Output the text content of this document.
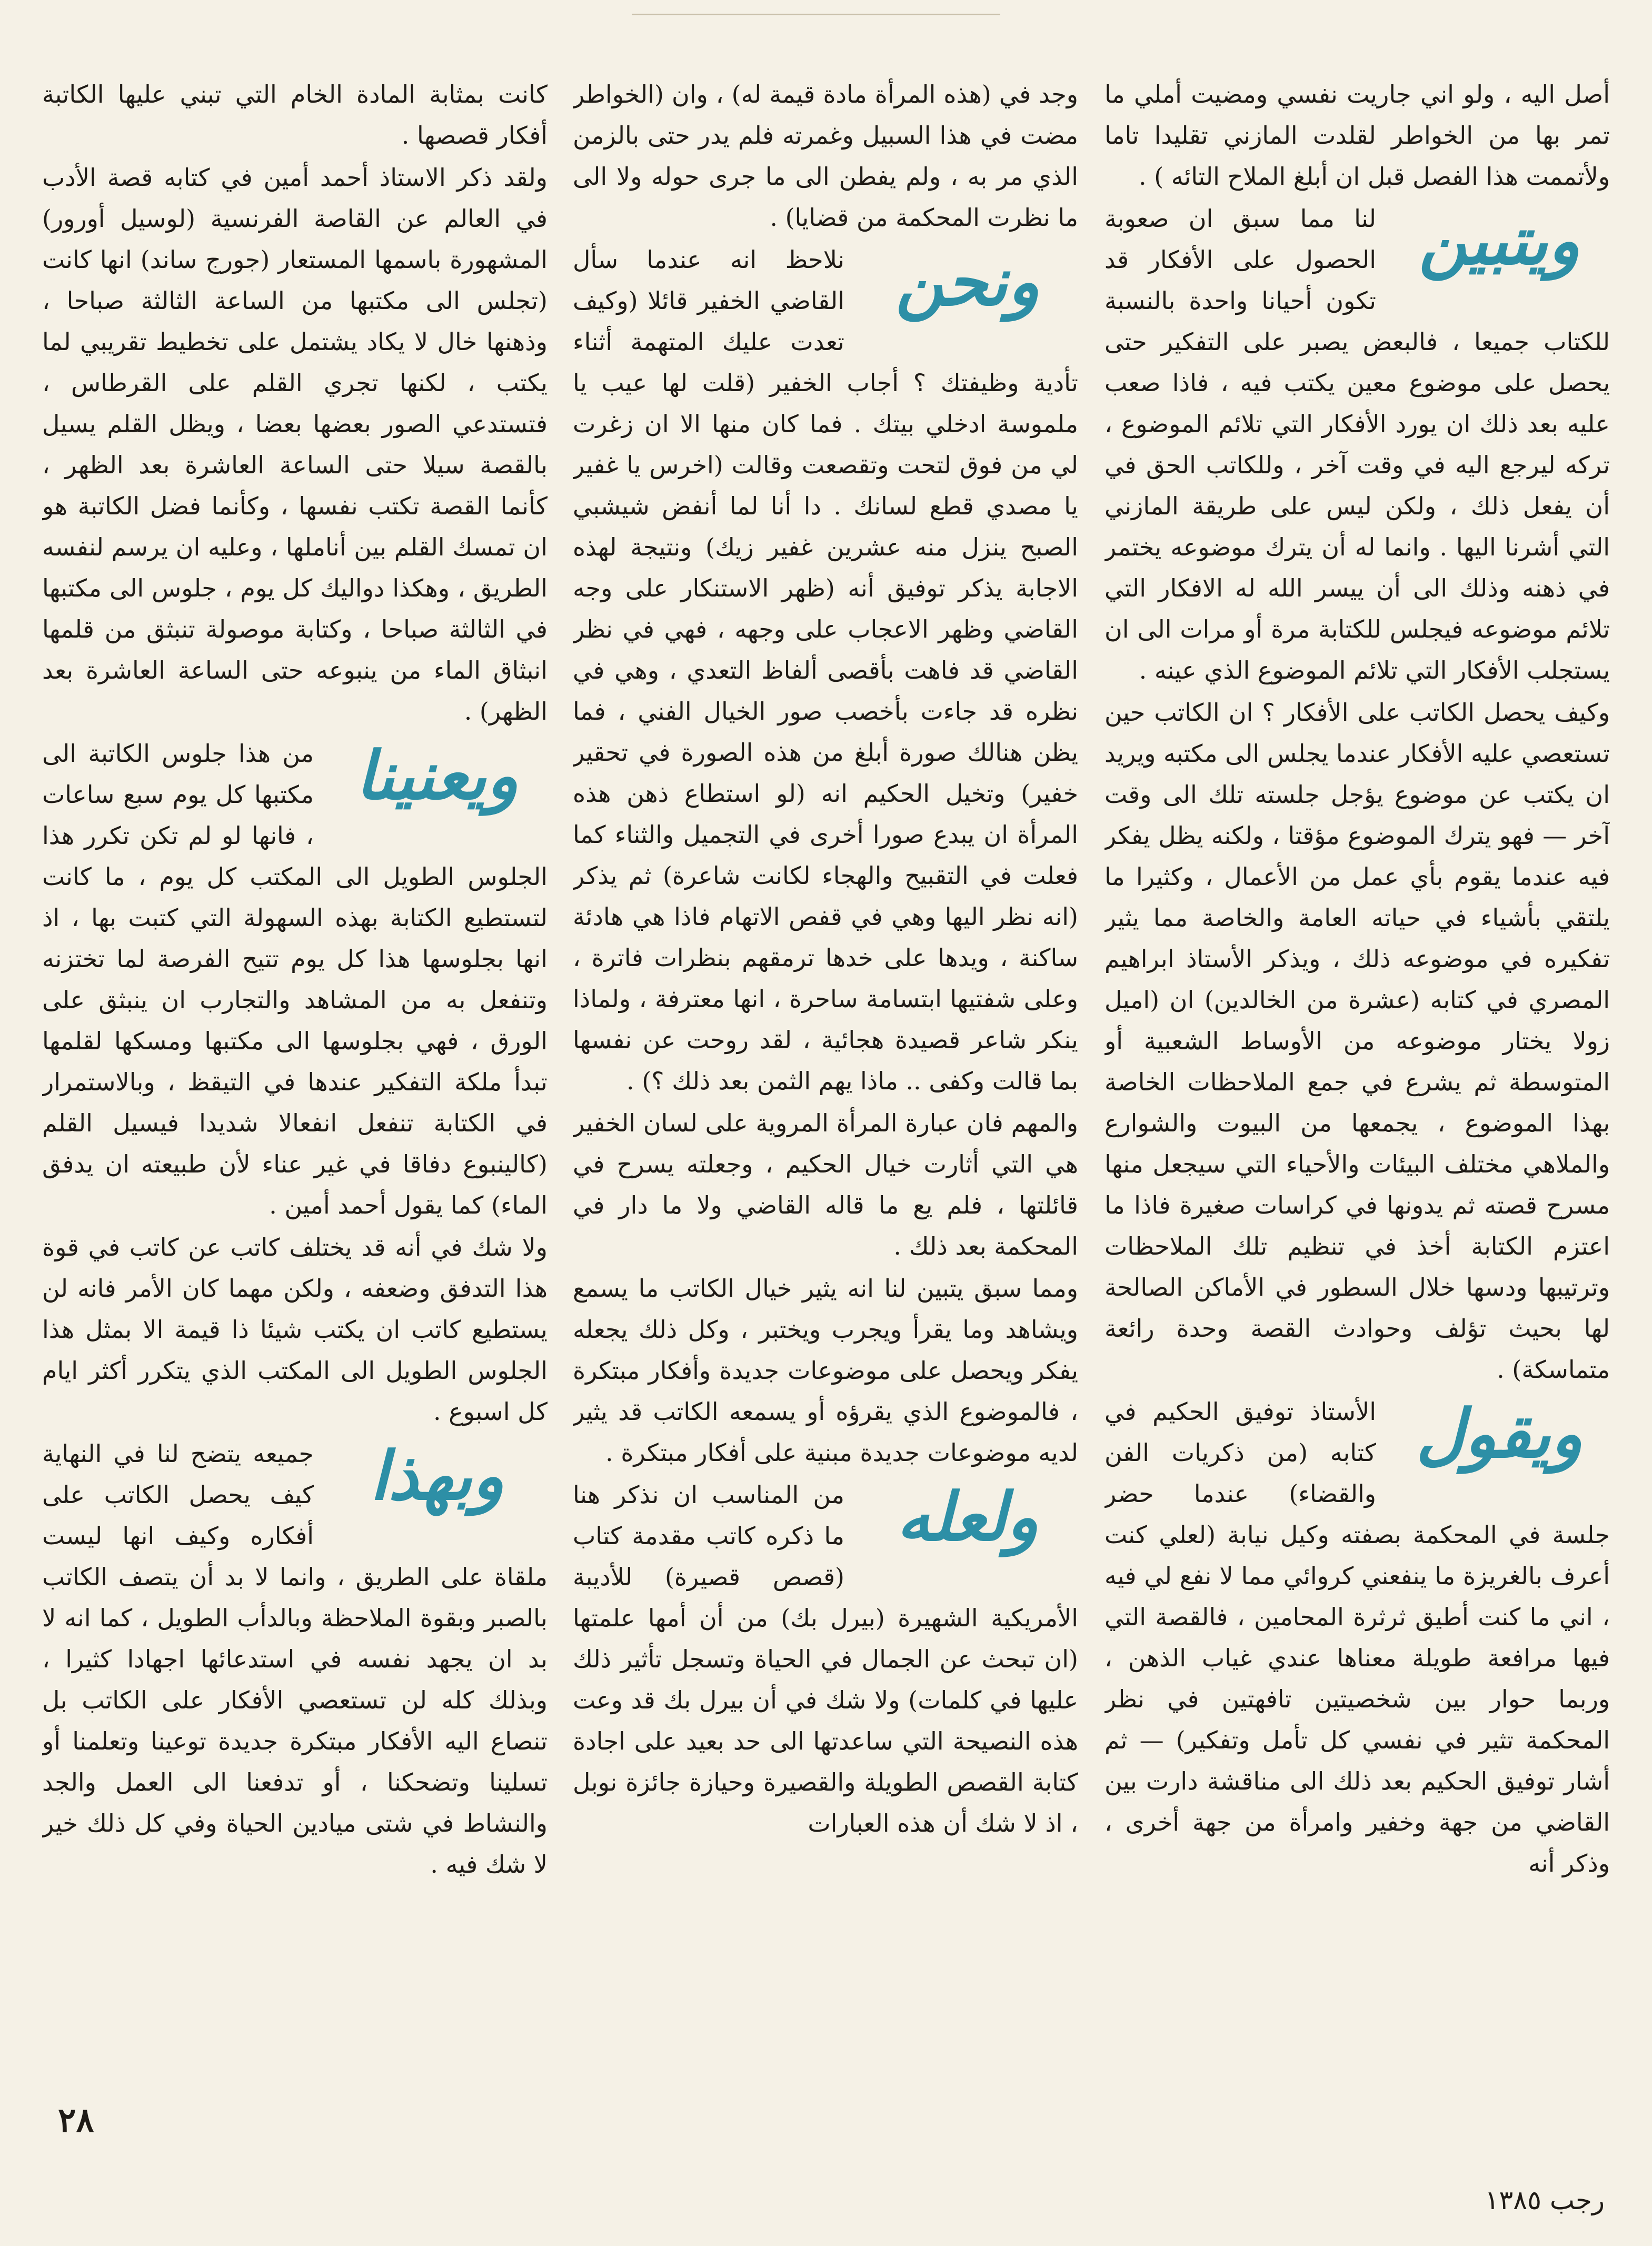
أصل اليه ، ولو اني جاريت نفسي ومضيت أملي ما تمر بها من الخواطر لقلدت المازني تقليدا تاما ولأتممت هذا الفصل قبل ان أبلغ الملاح التائه ) .

ويتبين

لنا مما سبق ان صعوبة الحصول على الأفكار قد تكون أحيانا واحدة بالنسبة للكتاب جميعا ، فالبعض يصبر على التفكير حتى يحصل على موضوع معين يكتب فيه ، فاذا صعب عليه بعد ذلك ان يورد الأفكار التي تلائم الموضوع ، تركه ليرجع اليه في وقت آخر ، وللكاتب الحق في أن يفعل ذلك ، ولكن ليس على طريقة المازني التي أشرنا اليها . وانما له أن يترك موضوعه يختمر في ذهنه وذلك الى أن ييسر الله له الافكار التي تلائم موضوعه فيجلس للكتابة مرة أو مرات الى ان يستجلب الأفكار التي تلائم الموضوع الذي عينه .

وكيف يحصل الكاتب على الأفكار ؟ ان الكاتب حين تستعصي عليه الأفكار عندما يجلس الى مكتبه ويريد ان يكتب عن موضوع يؤجل جلسته تلك الى وقت آخر — فهو يترك الموضوع مؤقتا ، ولكنه يظل يفكر فيه عندما يقوم بأي عمل من الأعمال ، وكثيرا ما يلتقي بأشياء في حياته العامة والخاصة مما يثير تفكيره في موضوعه ذلك ، ويذكر الأستاذ ابراهيم المصري في كتابه (عشرة من الخالدين) ان (اميل زولا يختار موضوعه من الأوساط الشعبية أو المتوسطة ثم يشرع في جمع الملاحظات الخاصة بهذا الموضوع ، يجمعها من البيوت والشوارع والملاهي مختلف البيئات والأحياء التي سيجعل منها مسرح قصته ثم يدونها في كراسات صغيرة فاذا ما اعتزم الكتابة أخذ في تنظيم تلك الملاحظات وترتيبها ودسها خلال السطور في الأماكن الصالحة لها بحيث تؤلف وحوادث القصة وحدة رائعة متماسكة) .

ويقول

الأستاذ توفيق الحكيم في كتابه (من ذكريات الفن والقضاء) عندما حضر جلسة في المحكمة بصفته وكيل نيابة (لعلي كنت أعرف بالغريزة ما ينفعني كروائي مما لا نفع لي فيه ، اني ما كنت أطيق ثرثرة المحامين ، فالقصة التي فيها مرافعة طويلة معناها عندي غياب الذهن ، وربما حوار بين شخصيتين تافهتين في نظر المحكمة تثير في نفسي كل تأمل وتفكير) — ثم أشار توفيق الحكيم بعد ذلك الى مناقشة دارت بين القاضي من جهة وخفير وامرأة من جهة أخرى ، وذكر أنه

وجد في (هذه المرأة مادة قيمة له) ، وان (الخواطر مضت في هذا السبيل وغمرته فلم يدر حتى بالزمن الذي مر به ، ولم يفطن الى ما جرى حوله ولا الى ما نظرت المحكمة من قضايا) .

ونحن

نلاحظ انه عندما سأل القاضي الخفير قائلا (وكيف تعدت عليك المتهمة أثناء تأدية وظيفتك ؟ أجاب الخفير (قلت لها عيب يا ملموسة ادخلي بيتك . فما كان منها الا ان زغرت لي من فوق لتحت وتقصعت وقالت (اخرس يا غفير يا مصدي قطع لسانك . دا أنا لما أنفض شيشبي الصبح ينزل منه عشرين غفير زيك) ونتيجة لهذه الاجابة يذكر توفيق أنه (ظهر الاستنكار على وجه القاضي وظهر الاعجاب على وجهه ، فهي في نظر القاضي قد فاهت بأقصى ألفاظ التعدي ، وهي في نظره قد جاءت بأخصب صور الخيال الفني ، فما يظن هنالك صورة أبلغ من هذه الصورة في تحقير خفير) وتخيل الحكيم انه (لو استطاع ذهن هذه المرأة ان يبدع صورا أخرى في التجميل والثناء كما فعلت في التقبيح والهجاء لكانت شاعرة) ثم يذكر (انه نظر اليها وهي في قفص الاتهام فاذا هي هادئة ساكنة ، ويدها على خدها ترمقهم بنظرات فاترة ، وعلى شفتيها ابتسامة ساحرة ، انها معترفة ، ولماذا ينكر شاعر قصيدة هجائية ، لقد روحت عن نفسها بما قالت وكفى .. ماذا يهم الثمن بعد ذلك ؟) .

والمهم فان عبارة المرأة المروية على لسان الخفير هي التي أثارت خيال الحكيم ، وجعلته يسرح في قائلتها ، فلم يع ما قاله القاضي ولا ما دار في المحكمة بعد ذلك .

ومما سبق يتبين لنا انه يثير خيال الكاتب ما يسمع ويشاهد وما يقرأ ويجرب ويختبر ، وكل ذلك يجعله يفكر ويحصل على موضوعات جديدة وأفكار مبتكرة ، فالموضوع الذي يقرؤه أو يسمعه الكاتب قد يثير لديه موضوعات جديدة مبنية على أفكار مبتكرة .

ولعله

من المناسب ان نذكر هنا ما ذكره كاتب مقدمة كتاب (قصص قصيرة) للأديبة الأمريكية الشهيرة (بيرل بك) من أن أمها علمتها (ان تبحث عن الجمال في الحياة وتسجل تأثير ذلك عليها في كلمات) ولا شك في أن بيرل بك قد وعت هذه النصيحة التي ساعدتها الى حد بعيد على اجادة كتابة القصص الطويلة والقصيرة وحيازة جائزة نوبل ، اذ لا شك أن هذه العبارات

كانت بمثابة المادة الخام التي تبني عليها الكاتبة أفكار قصصها .

ولقد ذكر الاستاذ أحمد أمين في كتابه قصة الأدب في العالم عن القاصة الفرنسية (لوسيل أورور) المشهورة باسمها المستعار (جورج ساند) انها كانت (تجلس الى مكتبها من الساعة الثالثة صباحا ، وذهنها خال لا يكاد يشتمل على تخطيط تقريبي لما يكتب ، لكنها تجري القلم على القرطاس ، فتستدعي الصور بعضها بعضا ، ويظل القلم يسيل بالقصة سيلا حتى الساعة العاشرة بعد الظهر ، كأنما القصة تكتب نفسها ، وكأنما فضل الكاتبة هو ان تمسك القلم بين أناملها ، وعليه ان يرسم لنفسه الطريق ، وهكذا دواليك كل يوم ، جلوس الى مكتبها في الثالثة صباحا ، وكتابة موصولة تنبثق من قلمها انبثاق الماء من ينبوعه حتى الساعة العاشرة بعد الظهر) .

ويعنينا

من هذا جلوس الكاتبة الى مكتبها كل يوم سبع ساعات ، فانها لو لم تكن تكرر هذا الجلوس الطويل الى المكتب كل يوم ، ما كانت لتستطيع الكتابة بهذه السهولة التي كتبت بها ، اذ انها بجلوسها هذا كل يوم تتيح الفرصة لما تختزنه وتنفعل به من المشاهد والتجارب ان ينبثق على الورق ، فهي بجلوسها الى مكتبها ومسكها لقلمها تبدأ ملكة التفكير عندها في التيقظ ، وبالاستمرار في الكتابة تنفعل انفعالا شديدا فيسيل القلم (كالينبوع دفاقا في غير عناء لأن طبيعته ان يدفق الماء) كما يقول أحمد أمين .

ولا شك في أنه قد يختلف كاتب عن كاتب في قوة هذا التدفق وضعفه ، ولكن مهما كان الأمر فانه لن يستطيع كاتب ان يكتب شيئا ذا قيمة الا بمثل هذا الجلوس الطويل الى المكتب الذي يتكرر أكثر ايام كل اسبوع .

وبهذا

جميعه يتضح لنا في النهاية كيف يحصل الكاتب على أفكاره وكيف انها ليست ملقاة على الطريق ، وانما لا بد أن يتصف الكاتب بالصبر وبقوة الملاحظة وبالدأب الطويل ، كما انه لا بد ان يجهد نفسه في استدعائها اجهادا كثيرا ، وبذلك كله لن تستعصي الأفكار على الكاتب بل تنصاع اليه الأفكار مبتكرة جديدة توعينا وتعلمنا أو تسلينا وتضحكنا ، أو تدفعنا الى العمل والجد والنشاط في شتى ميادين الحياة وفي كل ذلك خير لا شك فيه .

٢٨
رجب ١٣٨٥
